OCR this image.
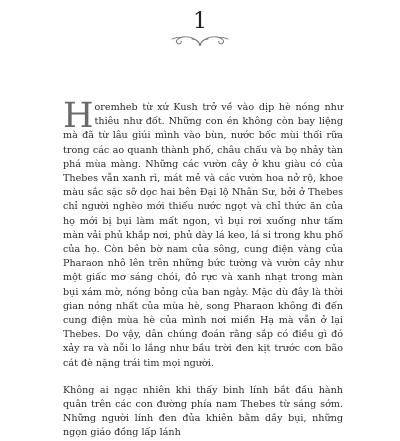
1

Horemheb từ xứ Kush trở về vào dịp hè nóng như thiêu như đốt. Những con én không còn bay liệng mà đã từ lâu giúi mình vào bùn, nước bốc mùi thối rữa trong các ao quanh thành phố, châu chấu và bọ nhảy tàn phá mùa màng. Những các vườn cây ở khu giàu có của Thebes vẫn xanh rì, mát mẻ và các vườn hoa nở rộ, khoe màu sắc sặc sỡ dọc hai bên Đại lộ Nhân Sư, bởi ở Thebes chỉ người nghèo mới thiếu nước ngọt và chỉ thức ăn của họ mới bị bụi làm mất ngon, vì bụi rơi xuống như tấm màn vải phủ khắp nơi, phủ dày lá keo, lá si trong khu phố của họ. Còn bên bờ nam của sông, cung điện vàng của Pharaon nhô lên trên những bức tường và vườn cây như một giấc mơ sáng chói, đỏ rực và xanh nhạt trong màn bụi xám mờ, nóng bỏng của ban ngày. Mặc dù đây là thời gian nóng nhất của mùa hè, song Pharaon không đi đến cung điện mùa hè của mình nơi miền Hạ mà vẫn ở lại Thebes. Do vậy, dân chúng đoán rằng sắp có điều gì đó xảy ra và nỗi lo lắng như bầu trời đen kịt trước cơn bão cát đè nặng trái tim mọi người.

Không ai ngạc nhiên khi thấy binh lính bắt đầu hành quân trên các con đường phía nam Thebes từ sáng sớm. Những người lính đen đủa khiên bằm dầy bụi, những ngọn giáo đồng lấp lánh
